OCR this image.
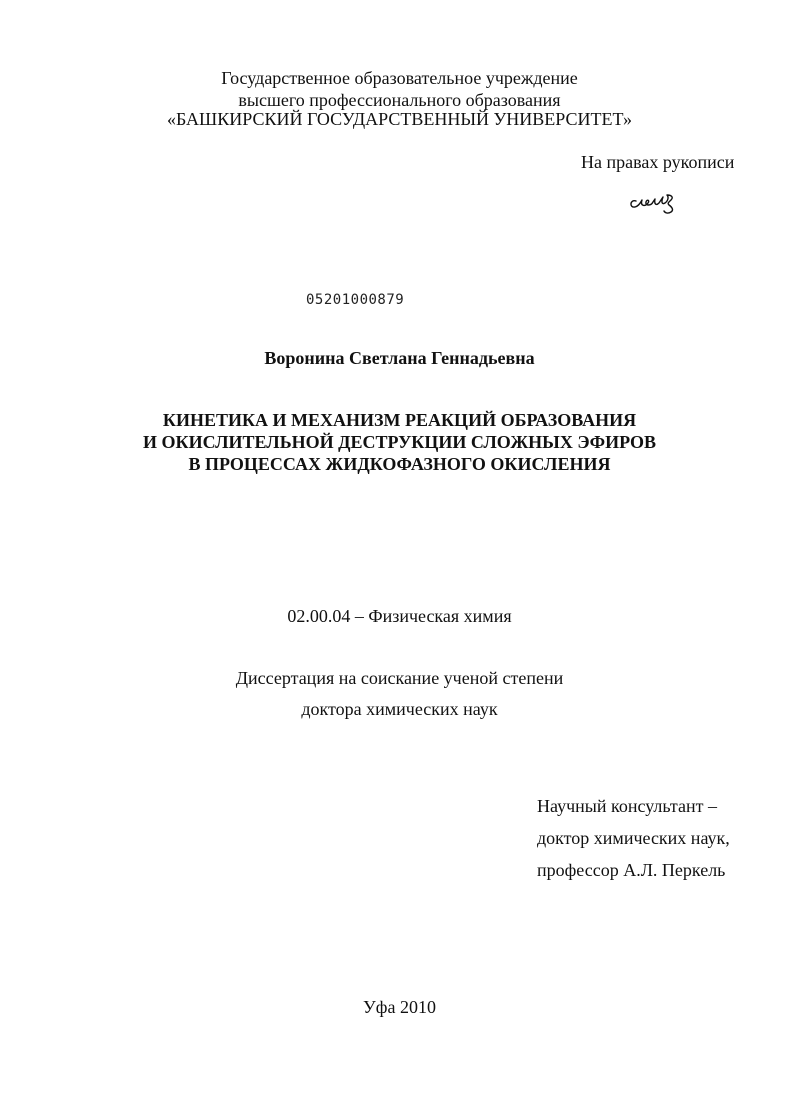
Государственное образовательное учреждение
высшего профессионального образования
«БАШКИРСКИЙ ГОСУДАРСТВЕННЫЙ УНИВЕРСИТЕТ»
На правах рукописи
05201000879
Воронина Светлана Геннадьевна
КИНЕТИКА И МЕХАНИЗМ РЕАКЦИЙ ОБРАЗОВАНИЯ
И ОКИСЛИТЕЛЬНОЙ ДЕСТРУКЦИИ СЛОЖНЫХ ЭФИРОВ
В ПРОЦЕССАХ ЖИДКОФАЗНОГО ОКИСЛЕНИЯ
02.00.04 – Физическая химия
Диссертация на соискание ученой степени
доктора химических наук
Научный консультант –
доктор химических наук,
профессор А.Л. Перкель
Уфа 2010
